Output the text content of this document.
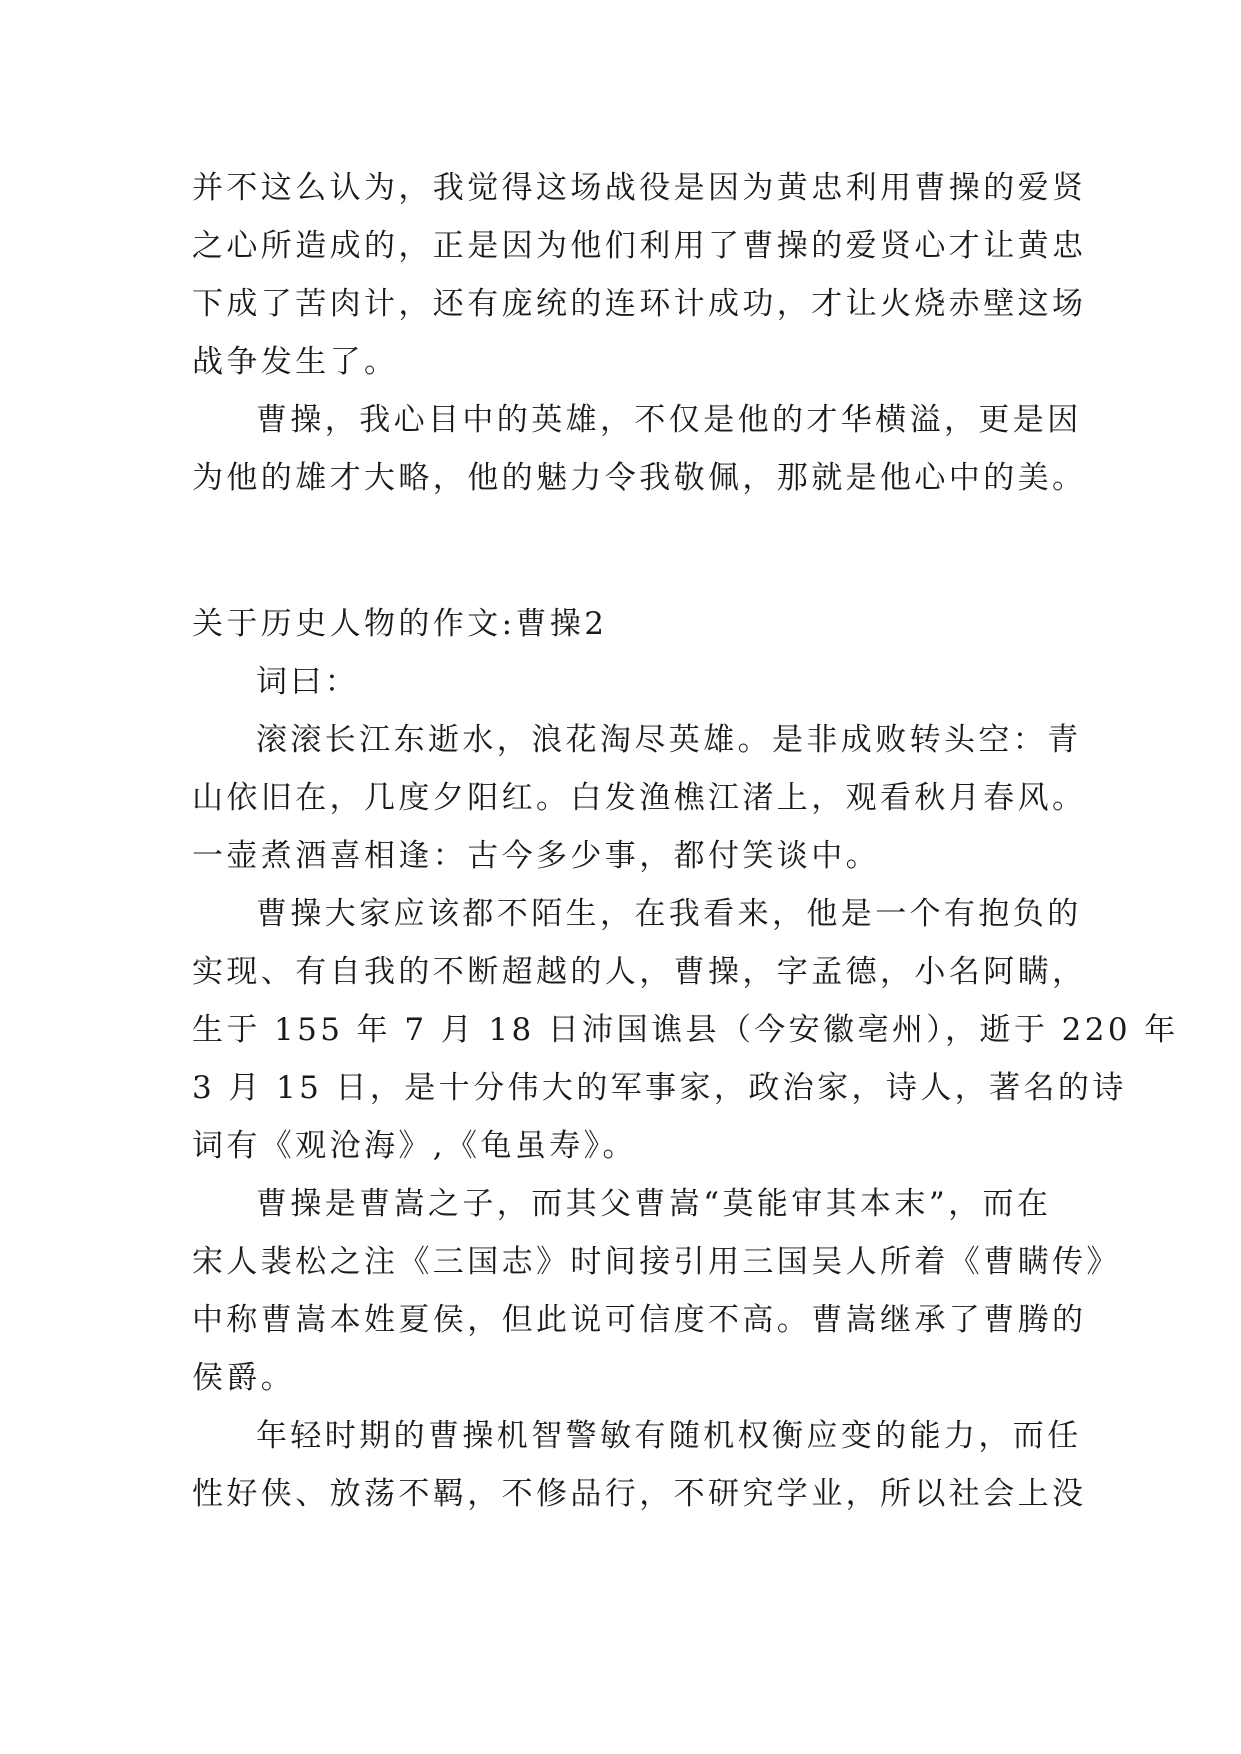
并不这么认为，我觉得这场战役是因为黄忠利用曹操的爱贤
之心所造成的，正是因为他们利用了曹操的爱贤心才让黄忠
下成了苦肉计，还有庞统的连环计成功，才让火烧赤壁这场
战争发生了。
曹操，我心目中的英雄，不仅是他的才华横溢，更是因
为他的雄才大略，他的魅力令我敬佩，那就是他心中的美。
关于历史人物的作文:曹操2
词曰：
滚滚长江东逝水，浪花淘尽英雄。是非成败转头空：青
山依旧在，几度夕阳红。白发渔樵江渚上，观看秋月春风。
一壶煮酒喜相逢：古今多少事，都付笑谈中。
曹操大家应该都不陌生，在我看来，他是一个有抱负的
实现、有自我的不断超越的人，曹操，字孟德，小名阿瞒，
生于 155 年 7 月 18 日沛国谯县（今安徽亳州），逝于 220 年
3 月 15 日，是十分伟大的军事家，政治家，诗人，著名的诗
词有《观沧海》,《龟虽寿》。
曹操是曹嵩之子，而其父曹嵩“莫能审其本末”，而在
宋人裴松之注《三国志》时间接引用三国吴人所着《曹瞒传》
中称曹嵩本姓夏侯，但此说可信度不高。曹嵩继承了曹腾的
侯爵。
年轻时期的曹操机智警敏有随机权衡应变的能力，而任
性好侠、放荡不羁，不修品行，不研究学业，所以社会上没
